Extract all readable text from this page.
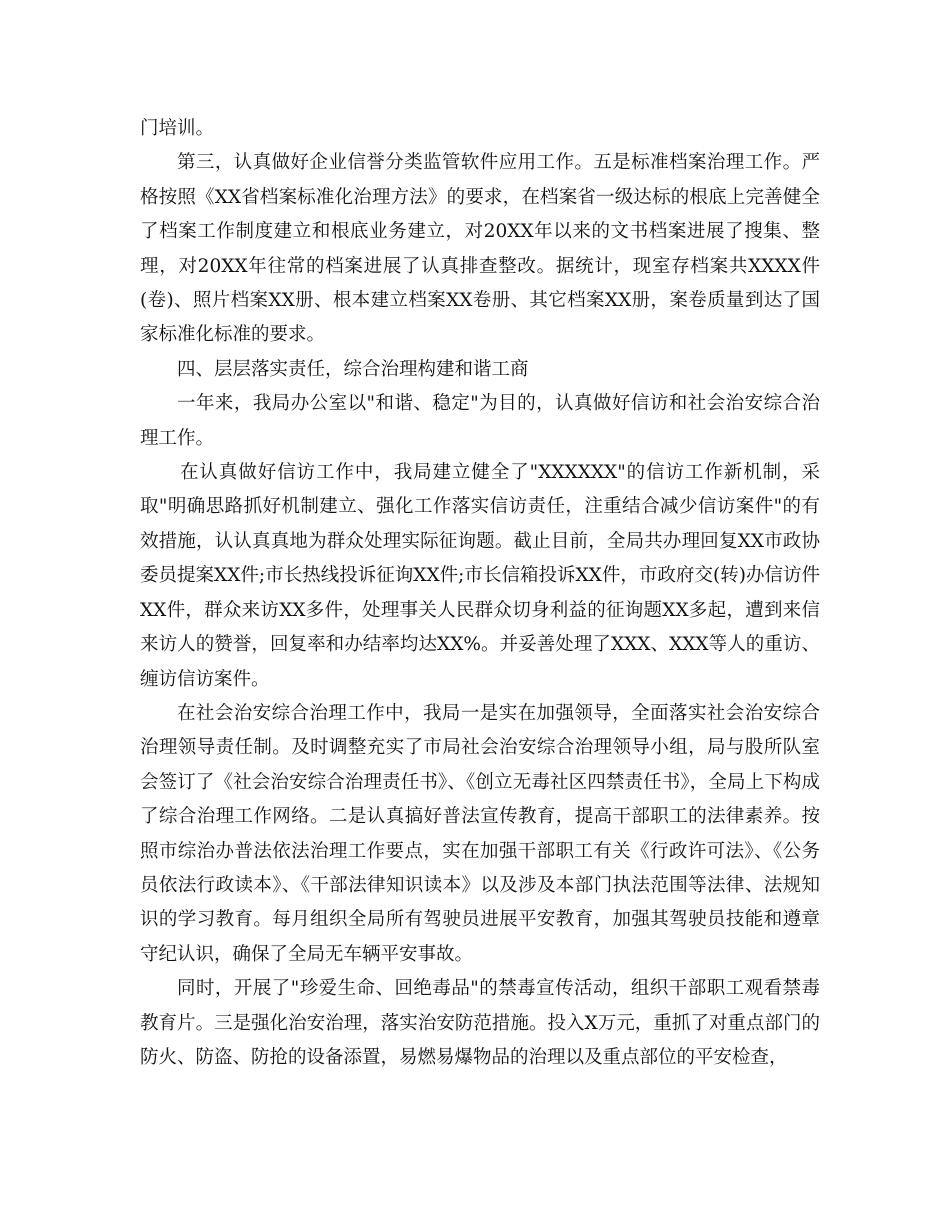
门培训。

第三，认真做好企业信誉分类监管软件应用工作。五是标准档案治理工作。严格按照《XX省档案标准化治理方法》的要求，在档案省一级达标的根底上完善健全了档案工作制度建立和根底业务建立，对20XX年以来的文书档案进展了搜集、整理，对20XX年往常的档案进展了认真排查整改。据统计，现室存档案共XXXX件(卷)、照片档案XX册、根本建立档案XX卷册、其它档案XX册，案卷质量到达了国家标准化标准的要求。

四、层层落实责任，综合治理构建和谐工商

一年来，我局办公室以"和谐、稳定"为目的，认真做好信访和社会治安综合治理工作。

在认真做好信访工作中，我局建立健全了"XXXXXX"的信访工作新机制，采取"明确思路抓好机制建立、强化工作落实信访责任，注重结合减少信访案件"的有效措施，认认真真地为群众处理实际征询题。截止目前，全局共办理回复XX市政协委员提案XX件;市长热线投诉征询XX件;市长信箱投诉XX件，市政府交(转)办信访件XX件，群众来访XX多件，处理事关人民群众切身利益的征询题XX多起，遭到来信来访人的赞誉，回复率和办结率均达XX%。并妥善处理了XXX、XXX等人的重访、缠访信访案件。

在社会治安综合治理工作中，我局一是实在加强领导，全面落实社会治安综合治理领导责任制。及时调整充实了市局社会治安综合治理领导小组，局与股所队室会签订了《社会治安综合治理责任书》、《创立无毒社区四禁责任书》，全局上下构成了综合治理工作网络。二是认真搞好普法宣传教育，提高干部职工的法律素养。按照市综治办普法依法治理工作要点，实在加强干部职工有关《行政许可法》、《公务员依法行政读本》、《干部法律知识读本》以及涉及本部门执法范围等法律、法规知识的学习教育。每月组织全局所有驾驶员进展平安教育，加强其驾驶员技能和遵章守纪认识，确保了全局无车辆平安事故。

同时，开展了"珍爱生命、回绝毒品"的禁毒宣传活动，组织干部职工观看禁毒教育片。三是强化治安治理，落实治安防范措施。投入X万元，重抓了对重点部门的防火、防盗、防抢的设备添置，易燃易爆物品的治理以及重点部位的平安检查，
